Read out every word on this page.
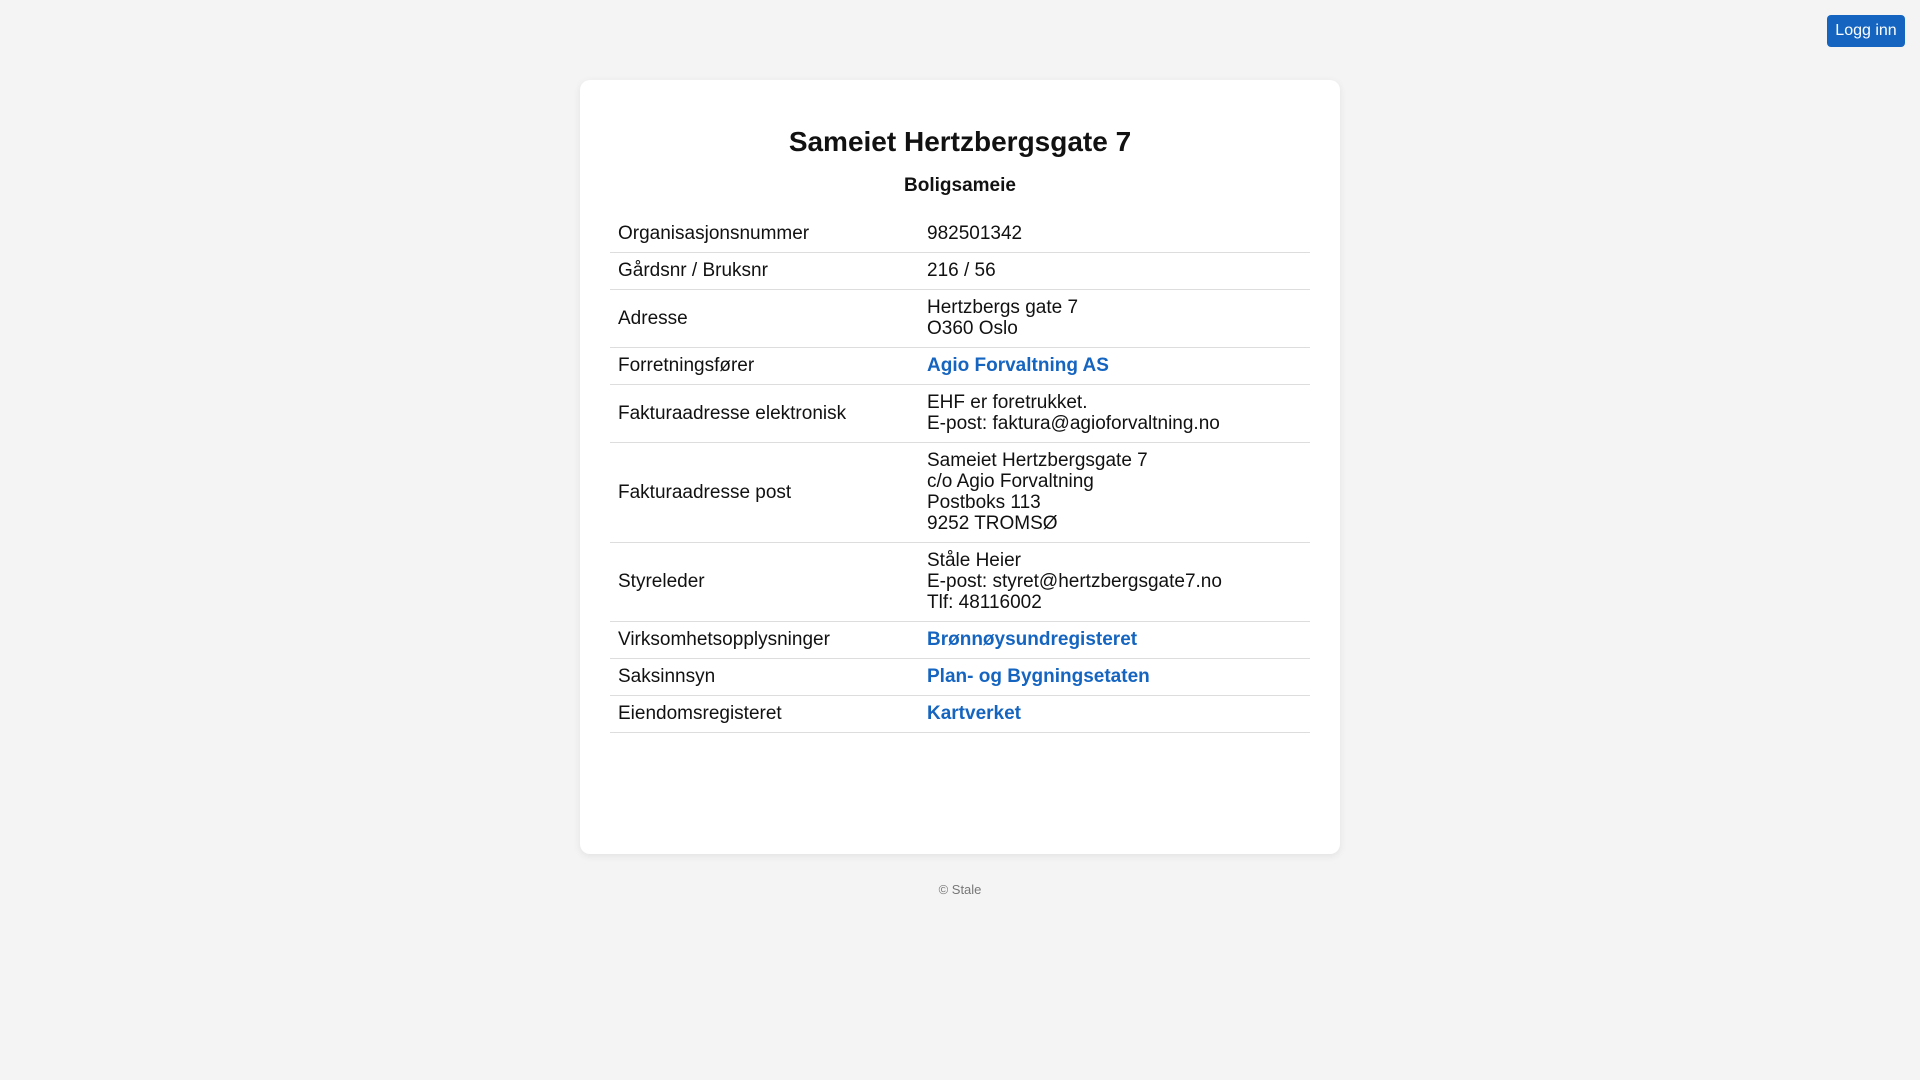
Logg inn
Sameiet Hertzbergsgate 7
Boligsameie
Organisasjonsnummer	982501342
Gårdsnr / Bruksnr	216 / 56
Adresse	Hertzbergs gate 7
O360 Oslo
Forretningsfører	Agio Forvaltning AS
Fakturaadresse elektronisk	EHF er foretrukket.
E-post: faktura@agioforvaltning.no
Fakturaadresse post	Sameiet Hertzbergsgate 7
c/o Agio Forvaltning
Postboks 113
9252 TROMSØ
Styreleder	Ståle Heier
E-post: styret@hertzbergsgate7.no
Tlf: 48116002
Virksomhetsopplysninger	Brønnøysundregisteret
Saksinnsyn	Plan- og Bygningsetaten
Eiendomsregisteret	Kartverket
© Stale
